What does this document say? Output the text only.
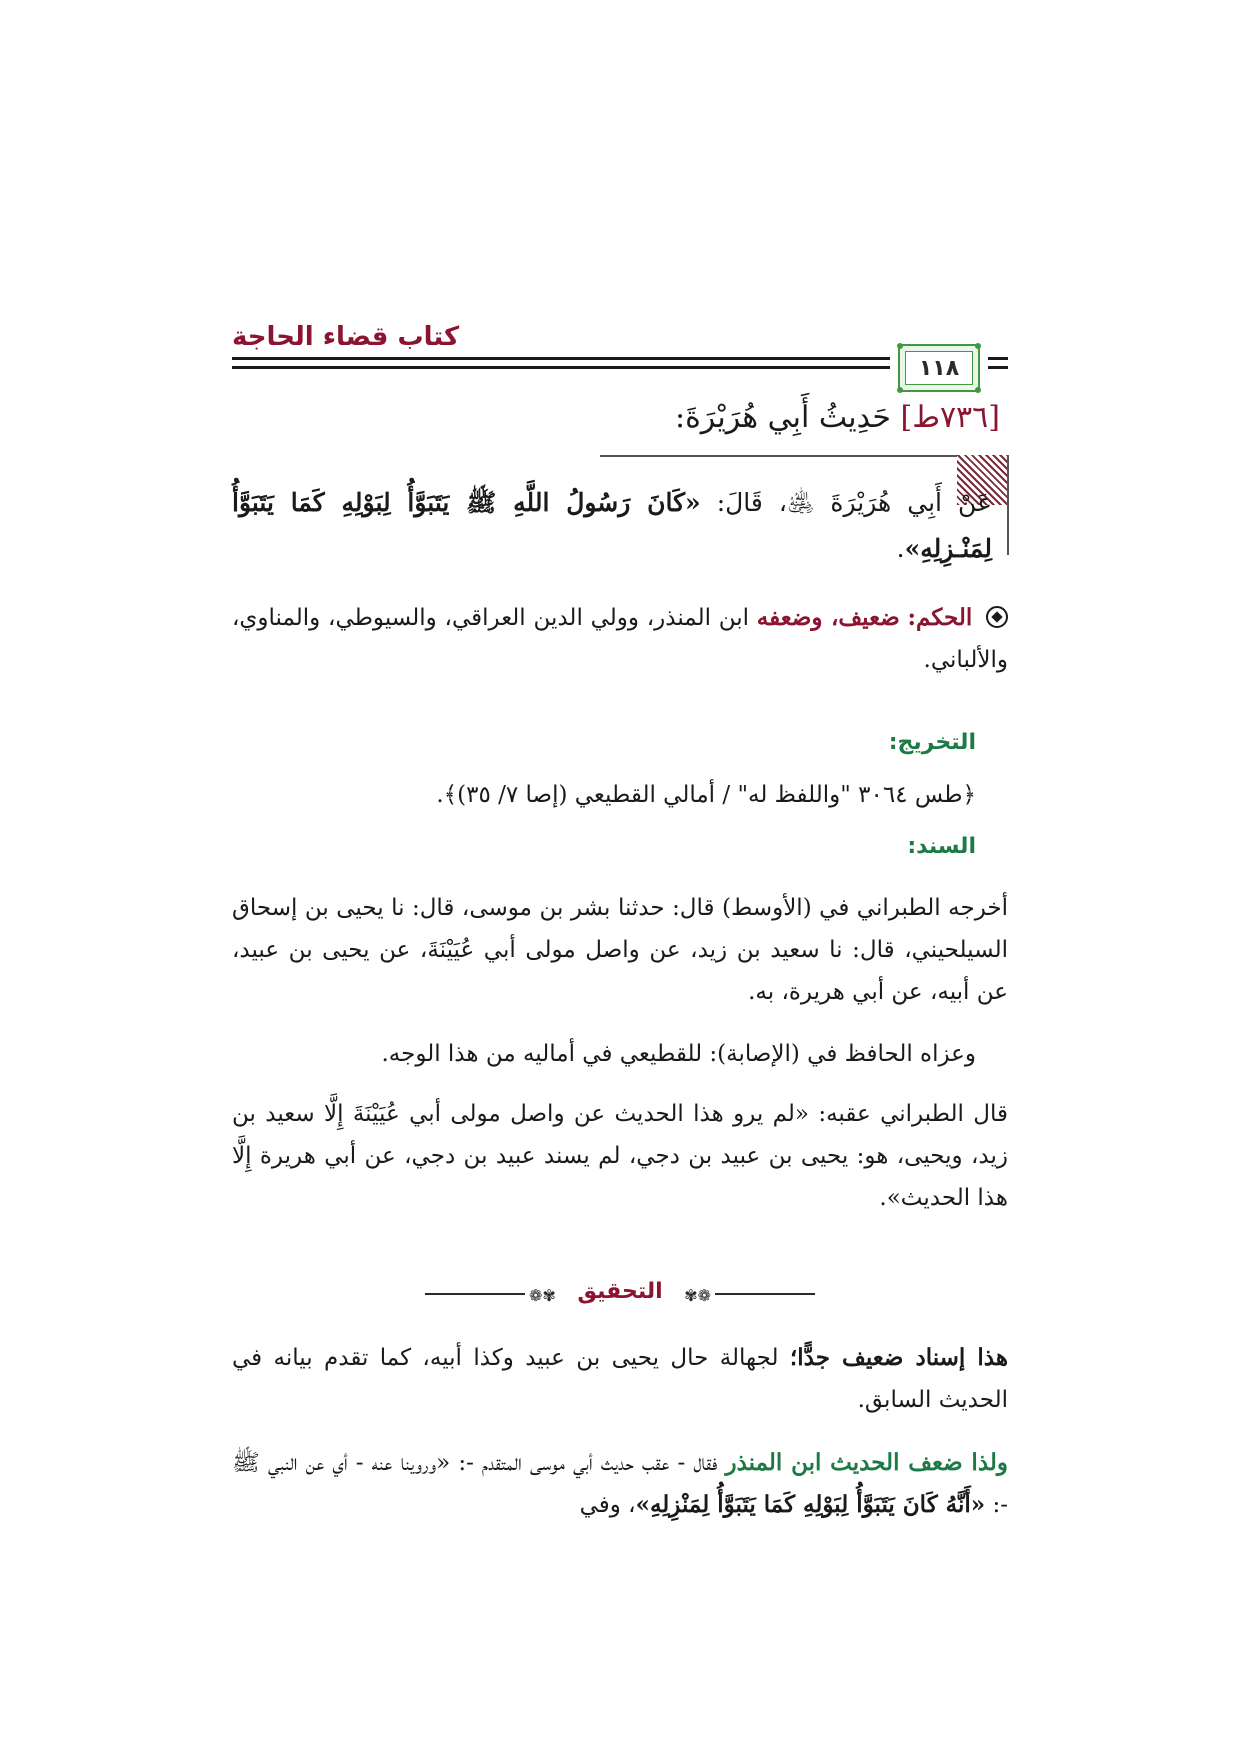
كتاب قضاء الحاجة
١١٨
[٧٣٦ط] حَدِيثُ أَبِي هُرَيْرَةَ:
عَنْ أَبِي هُرَيْرَةَ ﵁، قَالَ: «كَانَ رَسُولُ اللَّهِ ﷺ يَتَبَوَّأُ لِبَوْلِهِ كَمَا يَتَبَوَّأُ لِمَنْـزِلِهِ».
الحكم: ضعيف، وضعفه ابن المنذر، وولي الدين العراقي، والسيوطي، والمناوي، والألباني.
التخريج:
﴿طس ٣٠٦٤ "واللفظ له" / أمالي القطيعي (إصا ٧/ ٣٥)﴾.
السند:
أخرجه الطبراني في (الأوسط) قال: حدثنا بشر بن موسى، قال: نا يحيى بن إسحاق السيلحيني، قال: نا سعيد بن زيد، عن واصل مولى أبي عُيَيْنَةَ، عن يحيى بن عبيد، عن أبيه، عن أبي هريرة، به.
وعزاه الحافظ في (الإصابة): للقطيعي في أماليه من هذا الوجه.
قال الطبراني عقبه: «لم يرو هذا الحديث عن واصل مولى أبي عُيَيْنَةَ إِلَّا سعيد بن زيد، ويحيى، هو: يحيى بن عبيد بن دجي، لم يسند عبيد بن دجي، عن أبي هريرة إِلَّا هذا الحديث».
❁✾ التحقيق	✾❁
هذا إسناد ضعيف جدًّا؛ لجهالة حال يحيى بن عبيد وكذا أبيه، كما تقدم بيانه في الحديث السابق.
ولذا ضعف الحديث ابن المنذر فقال - عقب حديث أبي موسى المتقدم -: «وروينا عنه - أي عن النبي ﷺ -: «أَنَّهُ كَانَ يَتَبَوَّأُ لِبَوْلِهِ كَمَا يَتَبَوَّأُ لِمَنْزِلِهِ»، وفي
